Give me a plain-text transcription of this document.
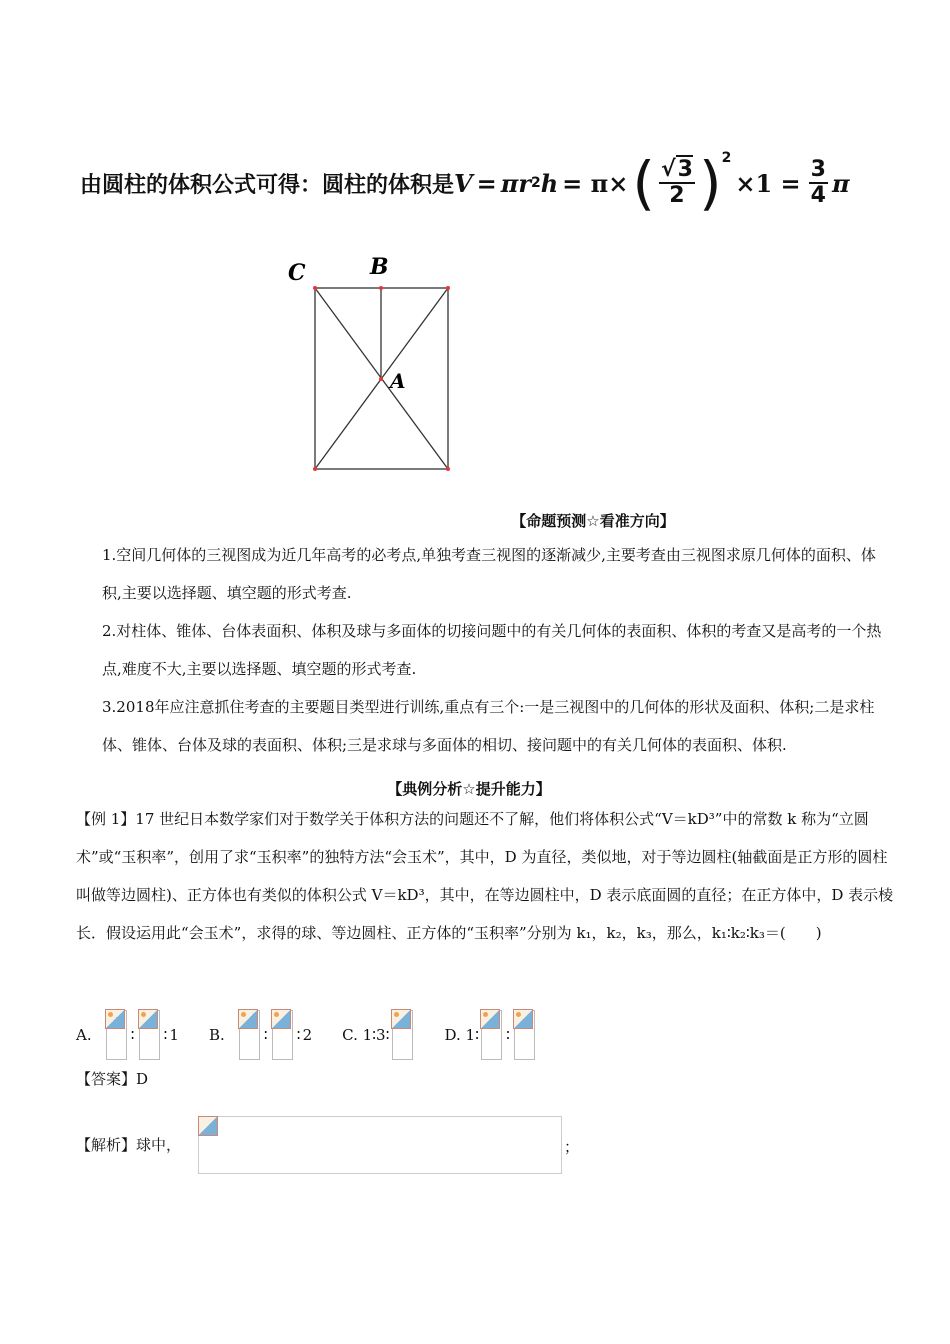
由圆柱的体积公式可得：圆柱的体积是 V = πr 2 h = π× ( $\frac{√3}{2}$ ) 2
$\times 1 = \frac{3}{4}$ π
C	B
A
【命题预测☆看准方向】
1.空间几何体的三视图成为近几年高考的必考点,单独考查三视图的逐渐减少,主要考查由三视图求原几何体的面积、体积,主要以选择题、填空题的形式考查.
2.对柱体、锥体、台体表面积、体积及球与多面体的切接问题中的有关几何体的表面积、体积的考查又是高考的一个热点,难度不大,主要以选择题、填空题的形式考查.
3.2018年应注意抓住考查的主要题目类型进行训练,重点有三个:一是三视图中的几何体的形状及面积、体积;二是求柱体、锥体、台体及球的表面积、体积;三是求球与多面体的相切、接问题中的有关几何体的表面积、体积.
【典例分析☆提升能力】
【例 1】17 世纪日本数学家们对于数学关于体积方法的问题还不了解，他们将体积公式“V＝kD³”中的常数 k 称为“立圆术”或“玉积率”，创用了求“玉积率”的独特方法“会玉术”，其中，D 为直径，类似地，对于等边圆柱(轴截面是正方形的圆柱叫做等边圆柱)、正方体也有类似的体积公式 V＝kD³，其中，在等边圆柱中，D 表示底面圆的直径；在正方体中，D 表示棱长．假设运用此“会玉术”，求得的球、等边圆柱、正方体的“玉积率”分别为 k₁，k₂，k₃，那么，k₁∶k₂∶k₃＝(　　)
A.	∶ ∶ 1 B.	∶ ∶ 2 C. 1∶3∶	D. 1∶ ∶
【答案】D
【解析】球中，	；
